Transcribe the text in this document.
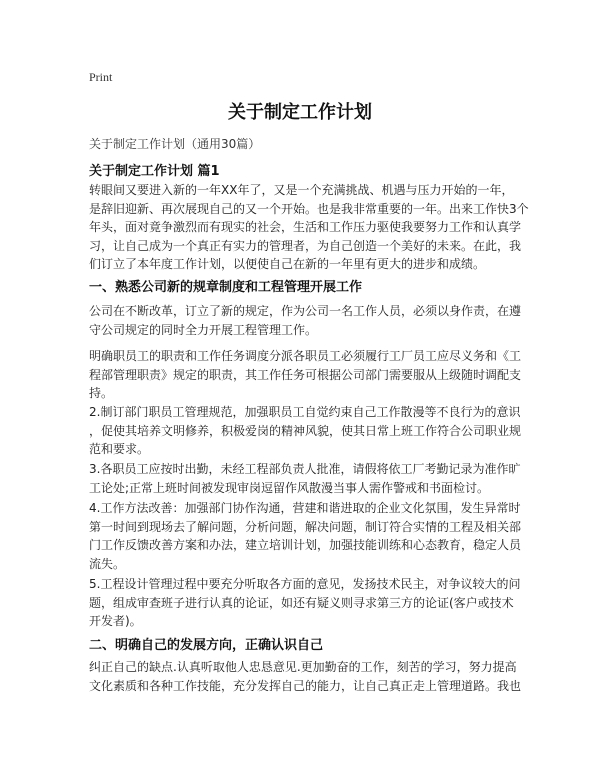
Print
关于制定工作计划
关于制定工作计划（通用30篇）
关于制定工作计划 篇1

转眼间又要进入新的一年XX年了，又是一个充满挑战、机遇与压力开始的一年，
是辞旧迎新、再次展现自己的又一个开始。也是我非常重要的一年。出来工作快3个
年头，面对竟争激烈而有现实的社会，生活和工作压力驱使我要努力工作和认真学
习，让自己成为一个真正有实力的管理者，为自己创造一个美好的未来。在此，我
们订立了本年度工作计划，以便使自己在新的一年里有更大的进步和成绩。

一、熟悉公司新的规章制度和工程管理开展工作

公司在不断改革，订立了新的规定，作为公司一名工作人员，必须以身作责，在遵
守公司规定的同时全力开展工程管理工作。

明确职员工的职责和工作任务调度分派各职员工必须履行工厂员工应尽义务和《工
程部管理职责》规定的职责，其工作任务可根据公司部门需要服从上级随时调配支
持。

2.制订部门职员工管理规范，加强职员工自觉约束自己工作散漫等不良行为的意识
，促使其培养文明修养，积极爱岗的精神风貌，使其日常上班工作符合公司职业规
范和要求。

3.各职员工应按时出勤，未经工程部负责人批准，请假将依工厂考勤记录为准作旷
工论处;正常上班时间被发现审岗逗留作风散漫当事人需作警戒和书面检讨。

4.工作方法改善：加强部门协作沟通，营建和谐进取的企业文化氛围，发生异常时
第一时间到现场去了解问题，分析问题，解决问题，制订符合实情的工程及相关部
门工作反馈改善方案和办法，建立培训计划，加强技能训练和心态教育，稳定人员
流失。

5.工程设计管理过程中要充分听取各方面的意见，发扬技术民主，对争议较大的问
题，组成审查班子进行认真的论证，如还有疑义则寻求第三方的论证(客户或技术
开发者)。

二、明确自己的发展方向，正确认识自己

纠正自己的缺点.认真听取他人忠恳意见.更加勤奋的工作，刻苦的学习，努力提高
文化素质和各种工作技能，充分发挥自己的能力，让自己真正走上管理道路。我也
